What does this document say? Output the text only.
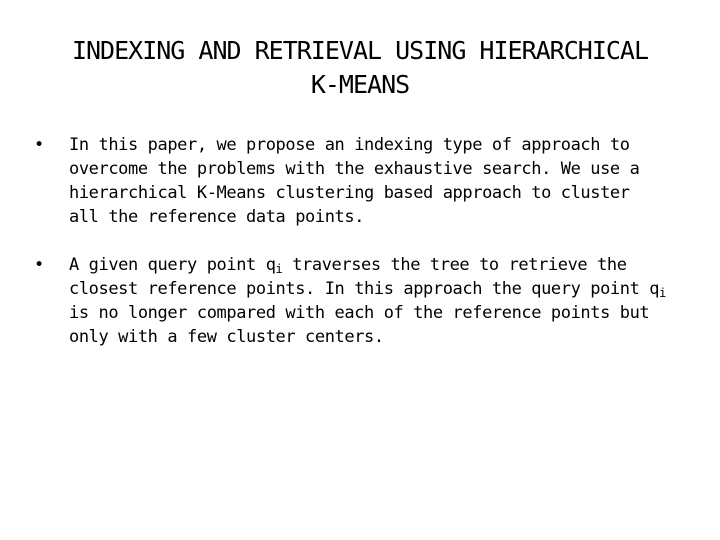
INDEXING AND RETRIEVAL USING HIERARCHICAL
K-MEANS
• In this paper, we propose an indexing type of approach to
overcome the problems with the exhaustive search. We use a
hierarchical K-Means clustering based approach to cluster
all the reference data points.
• A given query point $q_i$ traverses the tree to retrieve the
closest reference points. In this approach the query point $q_i$
is no longer compared with each of the reference points but
only with a few cluster centers.
